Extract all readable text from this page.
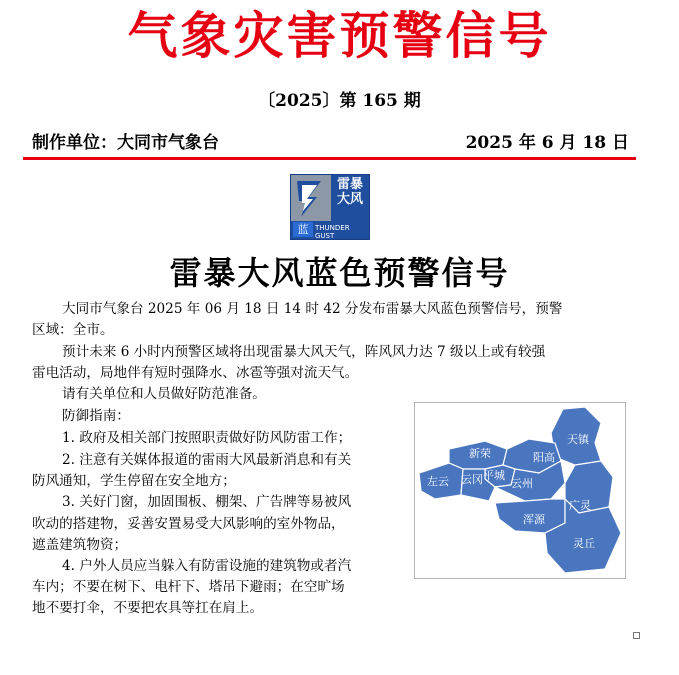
气象灾害预警信号
〔2025〕第 165 期
制作单位：大同市气象台	2025 年 6 月 18 日
雷暴
大风
蓝 THUNDER GUST
雷暴大风蓝色预警信号
大同市气象台 2025 年 06 月 18 日 14 时 42 分发布雷暴大风蓝色预警信号，预警
区域：全市。
预计未来 6 小时内预警区域将出现雷暴大风天气，阵风风力达 7 级以上或有较强
雷电活动，局地伴有短时强降水、冰雹等强对流天气。
请有关单位和人员做好防范准备。
防御指南：
1. 政府及相关部门按照职责做好防风防雷工作；
2. 注意有关媒体报道的雷雨大风最新消息和有关
防风通知，学生停留在安全地方；
3. 关好门窗，加固围板、棚架、广告牌等易被风
吹动的搭建物，妥善安置易受大风影响的室外物品，
遮盖建筑物资；
4. 户外人员应当躲入有防雷设施的建筑物或者汽
车内；不要在树下、电杆下、塔吊下避雨；在空旷场
地不要打伞，不要把农具等扛在肩上。
天镇
新荣	阳高
平城
左云 云冈	云州
广灵
浑源
灵丘
